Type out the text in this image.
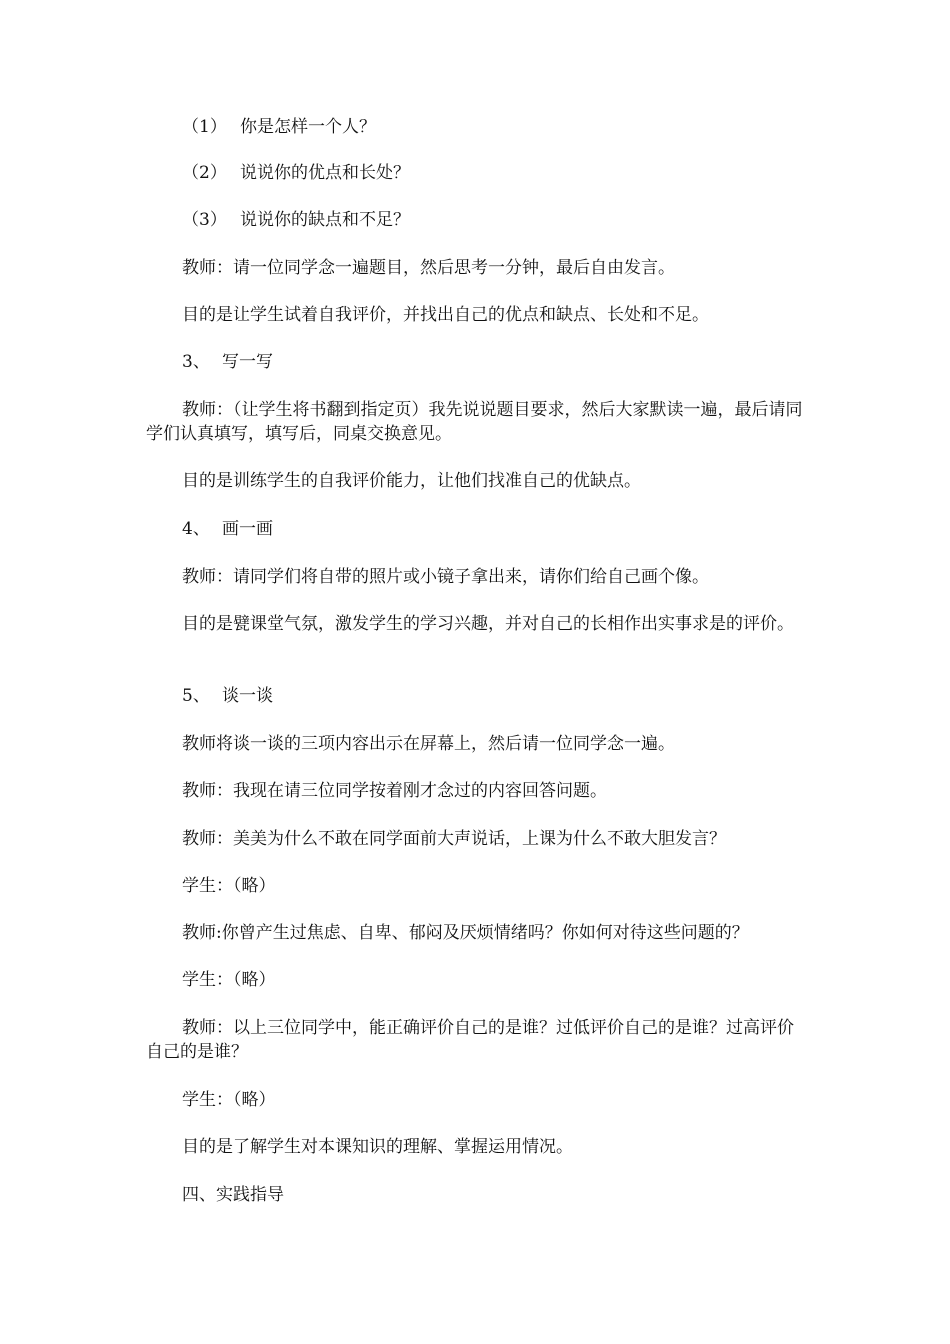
（1） 你是怎样一个人？

（2） 说说你的优点和长处？

（3） 说说你的缺点和不足？

教师：请一位同学念一遍题目，然后思考一分钟，最后自由发言。

目的是让学生试着自我评价，并找出自己的优点和缺点、长处和不足。

3、 写一写

教师：（让学生将书翻到指定页）我先说说题目要求，然后大家默读一遍，最后请同学们认真填写，填写后，同桌交换意见。

目的是训练学生的自我评价能力，让他们找准自己的优缺点。

4、 画一画

教师：请同学们将自带的照片或小镜子拿出来，请你们给自己画个像。

目的是甓课堂气氛，激发学生的学习兴趣，并对自己的长相作出实事求是的评价。

5、 谈一谈

教师将谈一谈的三项内容出示在屏幕上，然后请一位同学念一遍。

教师：我现在请三位同学按着刚才念过的内容回答问题。

教师：美美为什么不敢在同学面前大声说话，上课为什么不敢大胆发言？

学生：（略）

教师:你曾产生过焦虑、自卑、郁闷及厌烦情绪吗？你如何对待这些问题的？

学生：（略）

教师：以上三位同学中，能正确评价自己的是谁？过低评价自己的是谁？过高评价自己的是谁？

学生：（略）

目的是了解学生对本课知识的理解、掌握运用情况。

四、实践指导
